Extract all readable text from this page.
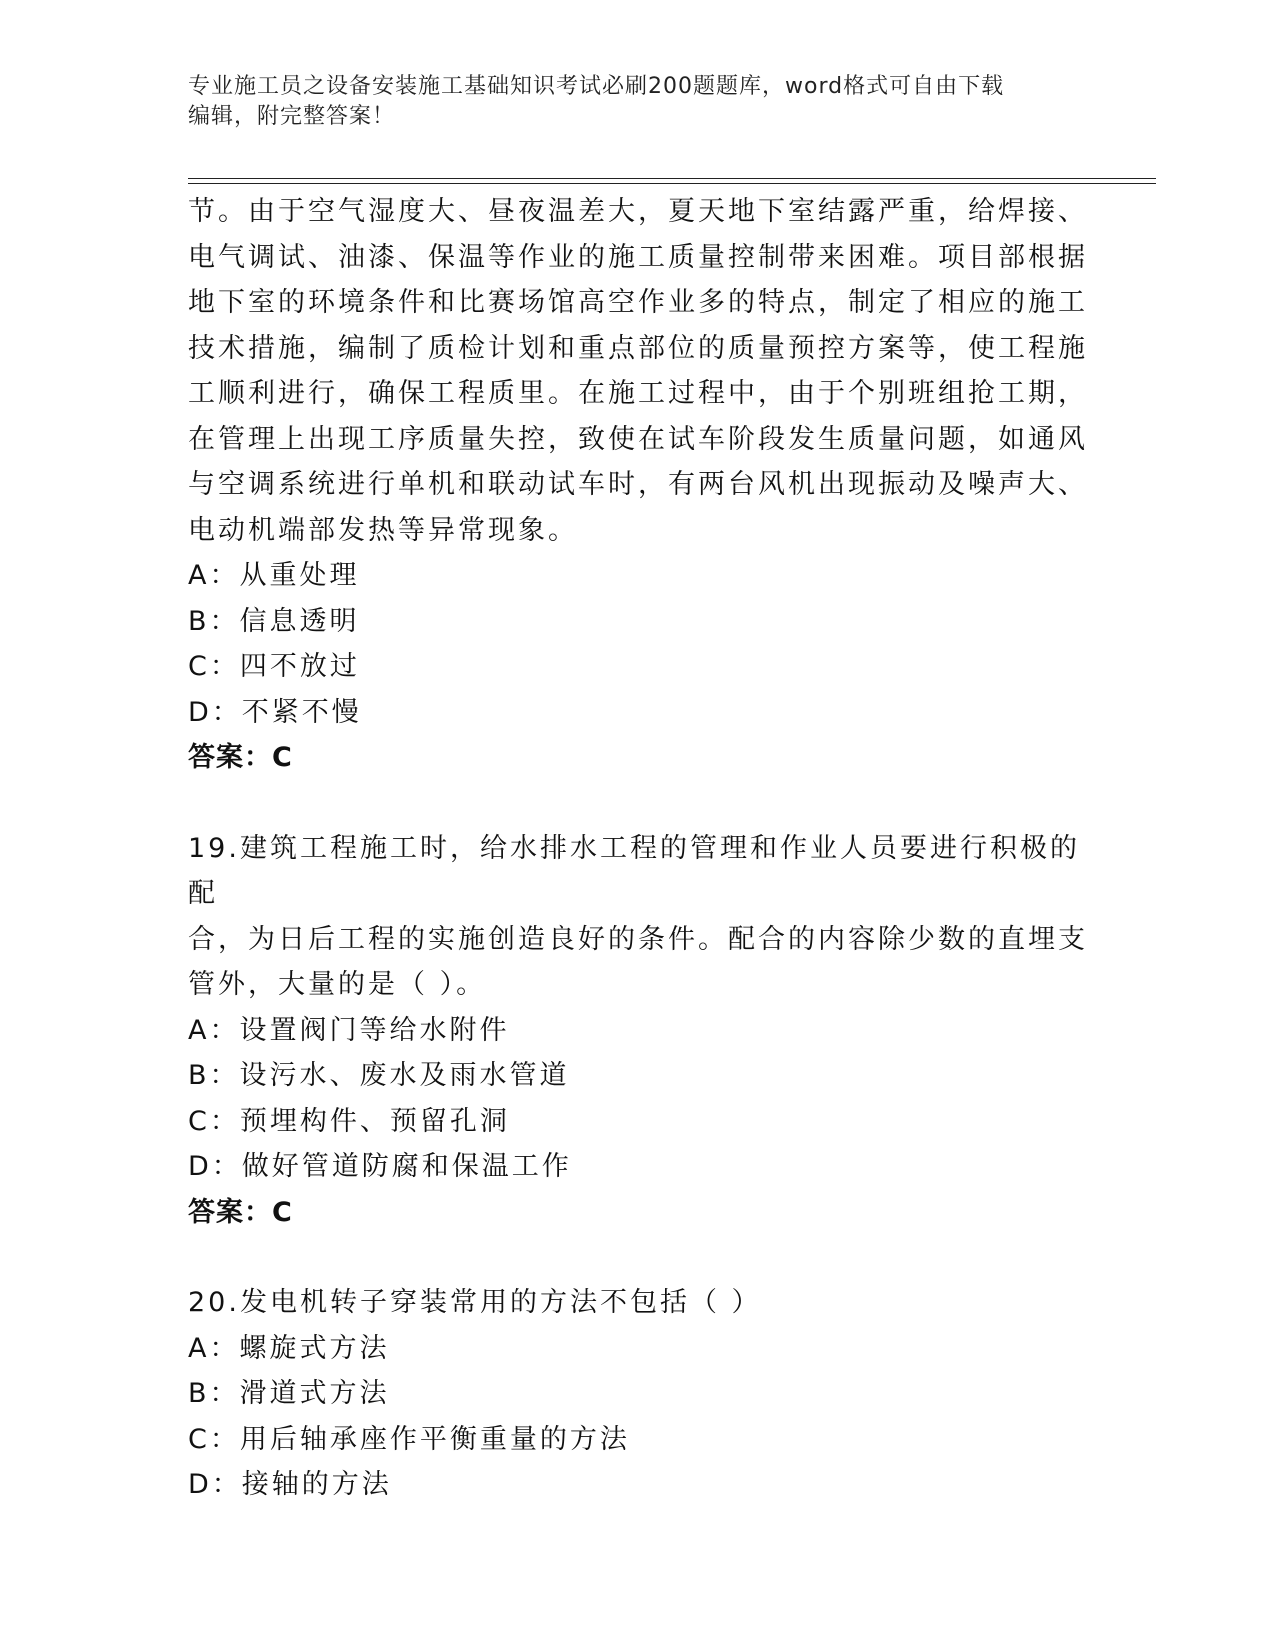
专业施工员之设备安装施工基础知识考试必刷200题题库，word格式可自由下载
编辑，附完整答案！

节。由于空气湿度大、昼夜温差大，夏天地下室结露严重，给焊接、

电气调试、油漆、保温等作业的施工质量控制带来困难。项目部根据

地下室的环境条件和比赛场馆高空作业多的特点，制定了相应的施工

技术措施，编制了质检计划和重点部位的质量预控方案等，使工程施

工顺利进行，确保工程质里。在施工过程中，由于个别班组抢工期，

在管理上出现工序质量失控，致使在试车阶段发生质量问题，如通风

与空调系统进行单机和联动试车时，有两台风机出现振动及噪声大、

电动机端部发热等异常现象。

A：从重处理

B：信息透明

C：四不放过

D：不紧不慢

答案：C

19.建筑工程施工时，给水排水工程的管理和作业人员要进行积极的配

合，为日后工程的实施创造良好的条件。配合的内容除少数的直埋支

管外，大量的是（ ）。

A：设置阀门等给水附件

B：设污水、废水及雨水管道

C：预埋构件、预留孔洞

D：做好管道防腐和保温工作

答案：C

20.发电机转子穿装常用的方法不包括（ ）

A：螺旋式方法

B：滑道式方法

C：用后轴承座作平衡重量的方法

D：接轴的方法
